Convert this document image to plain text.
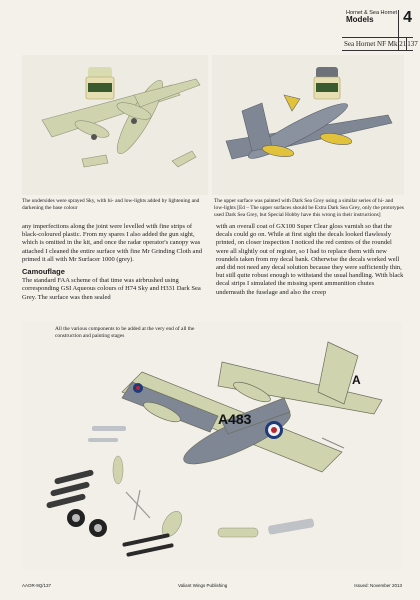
Hornet & Sea Hornet
Models	4
Sea Hornet NF Mk 21 137
The undersides were sprayed Sky, with hi- and low-lights added by lightening and darkening the base colour
The upper surface was painted with Dark Sea Grey using a similar series of hi- and low-lights [Ed – The upper surfaces should be Extra Dark Sea Grey, only the prototypes used Dark Sea Grey, but Special Hobby have this wrong in their instructions]

any imperfections along the joint were levelled with fine strips of black-coloured plastic. From my spares I also added the gun sight, which is omitted in the kit, and once the radar operator's canopy was attached I cleaned the entire surface with fine Mr Grinding Cloth and primed it all with Mr Surfacer 1000 (grey).

Camouflage

The standard FAA scheme of that time was airbrushed using corresponding GSI Aqueous colours of H74 Sky and H331 Dark Sea Grey. The surface was then sealed

with an overall coat of GX100 Super Clear gloss varnish so that the decals could go on. While at first sight the decals looked flawlessly printed, on closer inspection I noticed the red centres of the roundel were all slightly out of register, so I had to replace them with new roundels taken from my decal bank. Otherwise the decals worked well and did not need any decal solution because they were sufficiently thin, but still quite robust enough to withstand the usual handling. With black decal strips I simulated the missing spent ammunition chutes underneath the fuselage and also the creep

A483
A
All the various components to be added at the very end of all the construction and painting stages
AAOR-9Q/137	Valiant Wings Publishing	Issued: November 2013
